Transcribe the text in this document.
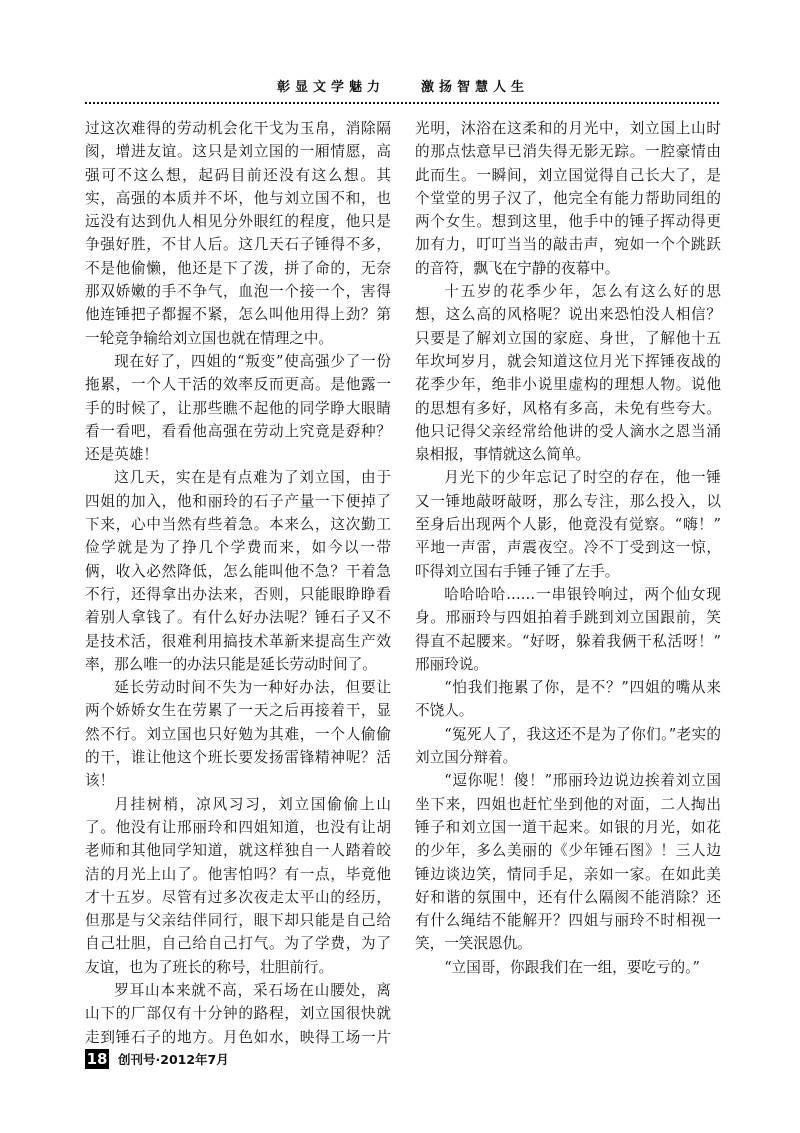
彰显文学魅力　　激扬智慧人生

过这次难得的劳动机会化干戈为玉帛，消除隔阂，增进友谊。这只是刘立国的一厢情愿，高强可不这么想，起码目前还没有这么想。其实，高强的本质并不坏，他与刘立国不和，也远没有达到仇人相见分外眼红的程度，他只是争强好胜，不甘人后。这几天石子锤得不多，不是他偷懒，他还是下了泼，拼了命的，无奈那双娇嫩的手不争气，血泡一个接一个，害得他连锤把子都握不紧，怎么叫他用得上劲？第一轮竞争输给刘立国也就在情理之中。

现在好了，四姐的“叛变”使高强少了一份拖累，一个人干活的效率反而更高。是他露一手的时候了，让那些瞧不起他的同学睁大眼睛看一看吧，看看他高强在劳动上究竟是孬种？还是英雄！

这几天，实在是有点难为了刘立国，由于四姐的加入，他和丽玲的石子产量一下便掉了下来，心中当然有些着急。本来么，这次勤工俭学就是为了挣几个学费而来，如今以一带俩，收入必然降低，怎么能叫他不急？干着急不行，还得拿出办法来，否则，只能眼睁睁看着别人拿钱了。有什么好办法呢？锤石子又不是技术活，很难利用搞技术革新来提高生产效率，那么唯一的办法只能是延长劳动时间了。

延长劳动时间不失为一种好办法，但要让两个娇娇女生在劳累了一天之后再接着干，显然不行。刘立国也只好勉为其难，一个人偷偷的干，谁让他这个班长要发扬雷锋精神呢？活该！

月挂树梢，凉风习习，刘立国偷偷上山了。他没有让邢丽玲和四姐知道，也没有让胡老师和其他同学知道，就这样独自一人踏着皎洁的月光上山了。他害怕吗？有一点，毕竟他才十五岁。尽管有过多次夜走太平山的经历，但那是与父亲结伴同行，眼下却只能是自己给自己壮胆，自己给自己打气。为了学费，为了友谊，也为了班长的称号，壮胆前行。

罗耳山本来就不高，采石场在山腰处，离山下的厂部仅有十分钟的路程，刘立国很快就走到锤石子的地方。月色如水，映得工场一片光明，沐浴在这柔和的月光中，刘立国上山时的那点怯意早已消失得无影无踪。一腔豪情由此而生。一瞬间，刘立国觉得自己长大了，是个堂堂的男子汉了，他完全有能力帮助同组的两个女生。想到这里，他手中的锤子挥动得更加有力，叮叮当当的敲击声，宛如一个个跳跃的音符，飘飞在宁静的夜幕中。

十五岁的花季少年，怎么有这么好的思想，这么高的风格呢？说出来恐怕没人相信？只要是了解刘立国的家庭、身世，了解他十五年坎坷岁月，就会知道这位月光下挥锤夜战的花季少年，绝非小说里虚构的理想人物。说他的思想有多好，风格有多高，未免有些夸大。他只记得父亲经常给他讲的受人滴水之恩当涌泉相报，事情就这么简单。

月光下的少年忘记了时空的存在，他一锤又一锤地敲呀敲呀，那么专注，那么投入，以至身后出现两个人影，他竟没有觉察。“嗨！”平地一声雷，声震夜空。冷不丁受到这一惊，吓得刘立国右手锤子锤了左手。

哈哈哈哈……一串银铃响过，两个仙女现身。邢丽玲与四姐拍着手跳到刘立国跟前，笑得直不起腰来。“好呀，躲着我俩干私活呀！”邢丽玲说。

“怕我们拖累了你，是不？”四姐的嘴从来不饶人。

“冤死人了，我这还不是为了你们。”老实的刘立国分辩着。

“逗你呢！傻！”邢丽玲边说边挨着刘立国坐下来，四姐也赶忙坐到他的对面，二人掏出锤子和刘立国一道干起来。如银的月光，如花的少年，多么美丽的《少年锤石图》！三人边锤边谈边笑，情同手足，亲如一家。在如此美好和谐的氛围中，还有什么隔阂不能消除？还有什么绳结不能解开？四姐与丽玲不时相视一笑，一笑泯恩仇。

“立国哥，你跟我们在一组，要吃亏的。”

18 创刊号·2012年7月
